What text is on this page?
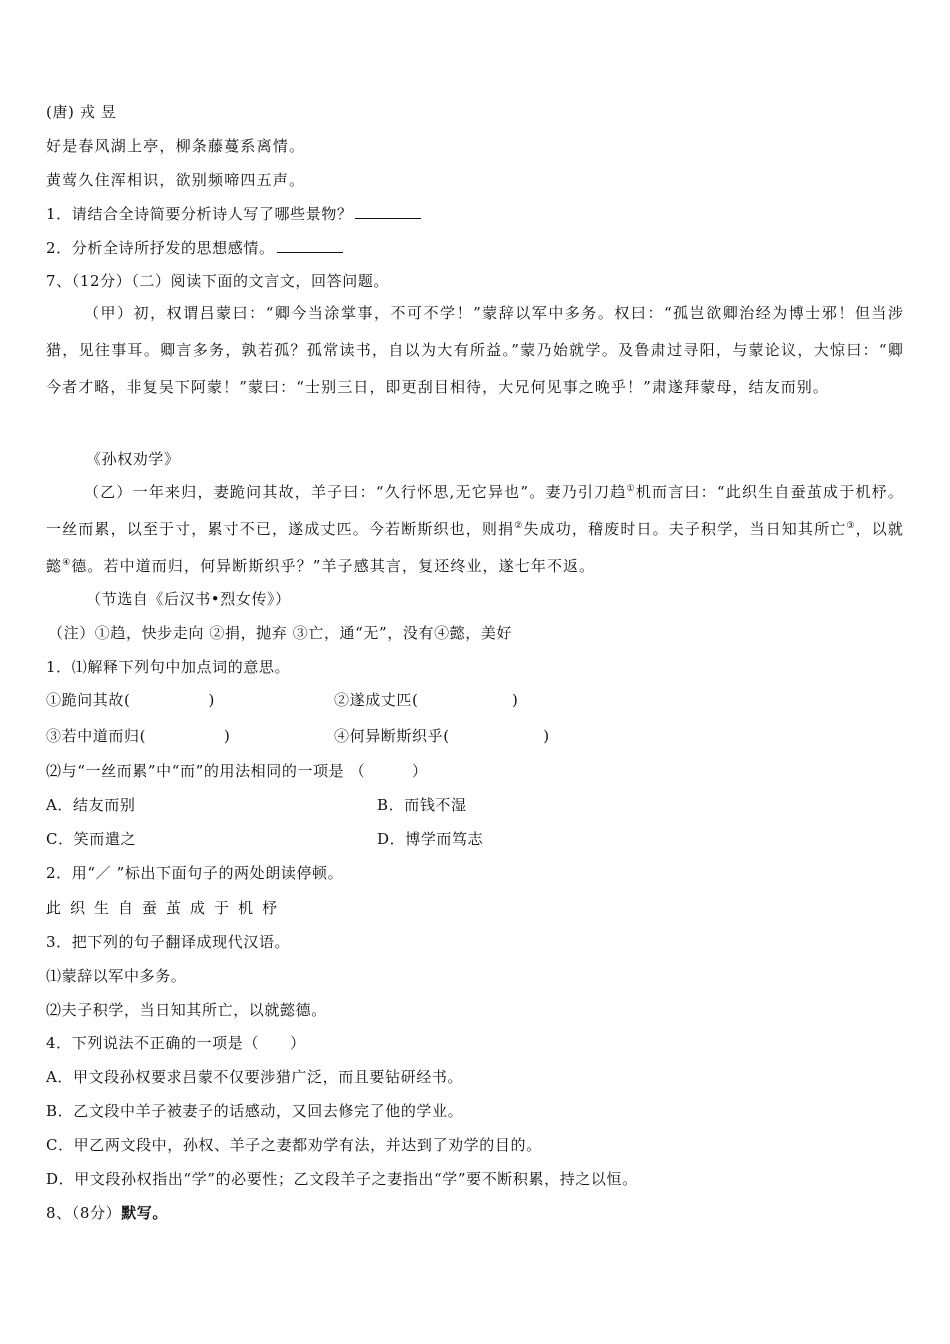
(唐) 戎 昱
好是春风湖上亭，柳条藤蔓系离情。
黄莺久住浑相识，欲别频啼四五声。
1．请结合全诗简要分析诗人写了哪些景物？
2．分析全诗所抒发的思想感情。
7、（12分）（二）阅读下面的文言文，回答问题。
（甲）初，权谓吕蒙曰：“卿今当涂掌事，不可不学！”蒙辞以军中多务。权曰：“孤岂欲卿治经为博士邪！但当涉猎，见往事耳。卿言多务，孰若孤？孤常读书，自以为大有所益。”蒙乃始就学。及鲁肃过寻阳，与蒙论议，大惊曰：“卿今者才略，非复吴下阿蒙！”蒙曰：“士别三日，即更刮目相待，大兄何见事之晚乎！”肃遂拜蒙母，结友而别。
《孙权劝学》
（乙）一年来归，妻跪问其故，羊子曰：“久行怀思,无它异也”。妻乃引刀趋①机而言曰：“此织生自蚕茧成于机杼。一丝而累，以至于寸，累寸不已，遂成丈匹。今若断斯织也，则捐②失成功，稽废时日。夫子积学，当日知其所亡③，以就懿④德。若中道而归，何异断斯织乎？”羊子感其言，复还终业，遂七年不返。
（节选自《后汉书•烈女传》）
（注）①趋，快步走向 ②捐，抛弃 ③亡，通“无”，没有④懿，美好
1．⑴解释下列句中加点词的意思。
①跪问其故(　　　　　)	②遂成丈匹(　　　　　　)
③若中道而归(　　　　　)	④何异断斯织乎(　　　　　　)
⑵与“一丝而累”中“而”的用法相同的一项是 （　　　）
A．结友而别	B．而钱不湿
C．笑而遣之	D．博学而笃志
2．用“／ ”标出下面句子的两处朗读停顿。
此织生自蚕茧成于机杼
3．把下列的句子翻译成现代汉语。
⑴蒙辞以军中多务。
⑵夫子积学，当日知其所亡，以就懿德。
4．下列说法不正确的一项是（　　）
A．甲文段孙权要求吕蒙不仅要涉猎广泛，而且要钻研经书。
B．乙文段中羊子被妻子的话感动，又回去修完了他的学业。
C．甲乙两文段中，孙权、羊子之妻都劝学有法，并达到了劝学的目的。
D．甲文段孙权指出“学”的必要性；乙文段羊子之妻指出“学”要不断积累，持之以恒。
8、（8分）默写。
